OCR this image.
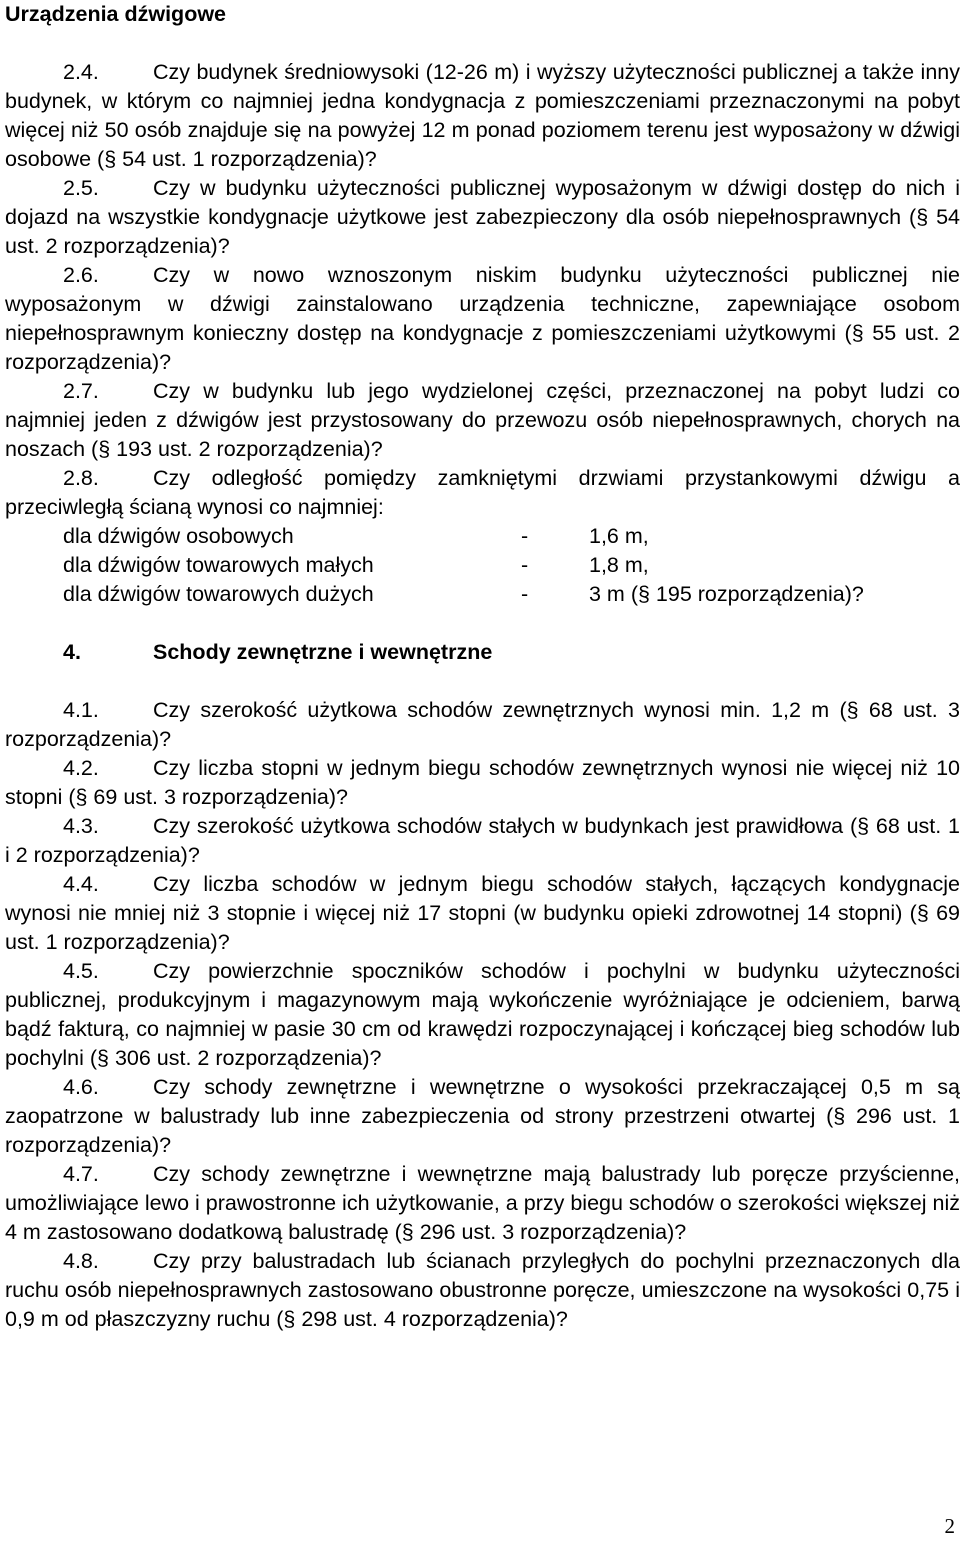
Urządzenia dźwigowe

2.4.	Czy budynek średniowysoki (12-26 m) i wyższy użyteczności publicznej a także inny budynek, w którym co najmniej jedna kondygnacja z pomieszczeniami przeznaczonymi na pobyt więcej niż 50 osób znajduje się na powyżej 12 m ponad poziomem terenu jest wyposażony w dźwigi osobowe (§ 54 ust. 1 rozporządzenia)?

2.5.	Czy w budynku użyteczności publicznej wyposażonym w dźwigi dostęp do nich i dojazd na wszystkie kondygnacje użytkowe jest zabezpieczony dla osób niepełnosprawnych (§ 54 ust. 2 rozporządzenia)?

2.6.	Czy w nowo wznoszonym niskim budynku użyteczności publicznej nie wyposażonym w dźwigi zainstalowano urządzenia techniczne, zapewniające osobom niepełnosprawnym konieczny dostęp na kondygnacje z pomieszczeniami użytkowymi (§ 55 ust. 2 rozporządzenia)?

2.7.	Czy w budynku lub jego wydzielonej części, przeznaczonej na pobyt ludzi co najmniej jeden z dźwigów jest przystosowany do przewozu osób niepełnosprawnych, chorych na noszach (§ 193 ust. 2 rozporządzenia)?

2.8.	Czy odległość pomiędzy zamkniętymi drzwiami przystankowymi dźwigu a przeciwległą ścianą wynosi co najmniej:

dla dźwigów osobowych	-	1,6 m,
dla dźwigów towarowych małych	-	1,8 m,
dla dźwigów towarowych dużych	-	3 m (§ 195 rozporządzenia)?

4.	Schody zewnętrzne i wewnętrzne

4.1.	Czy szerokość użytkowa schodów zewnętrznych wynosi min. 1,2 m (§ 68 ust. 3 rozporządzenia)?

4.2.	Czy liczba stopni w jednym biegu schodów zewnętrznych wynosi nie więcej niż 10 stopni (§ 69 ust. 3 rozporządzenia)?

4.3.	Czy szerokość użytkowa schodów stałych w budynkach jest prawidłowa (§ 68 ust. 1 i 2 rozporządzenia)?

4.4.	Czy liczba schodów w jednym biegu schodów stałych, łączących kondygnacje wynosi nie mniej niż 3 stopnie i więcej niż 17 stopni (w budynku opieki zdrowotnej 14 stopni) (§ 69 ust. 1 rozporządzenia)?

4.5.	Czy powierzchnie spoczników schodów i pochylni w budynku użyteczności publicznej, produkcyjnym i magazynowym mają wykończenie wyróżniające je odcieniem, barwą bądź fakturą, co najmniej w pasie 30 cm od krawędzi rozpoczynającej i kończącej bieg schodów lub pochylni (§ 306 ust. 2 rozporządzenia)?

4.6.	Czy schody zewnętrzne i wewnętrzne o wysokości przekraczającej 0,5 m są zaopatrzone w balustrady lub inne zabezpieczenia od strony przestrzeni otwartej (§ 296 ust. 1 rozporządzenia)?

4.7.	Czy schody zewnętrzne i wewnętrzne mają balustrady lub poręcze przyścienne, umożliwiające lewo i prawostronne ich użytkowanie, a przy biegu schodów o szerokości większej niż 4 m zastosowano dodatkową balustradę (§ 296 ust. 3 rozporządzenia)?

4.8.	Czy przy balustradach lub ścianach przyległych do pochylni przeznaczonych dla ruchu osób niepełnosprawnych zastosowano obustronne poręcze, umieszczone na wysokości 0,75 i 0,9 m od płaszczyzny ruchu (§ 298 ust. 4 rozporządzenia)?

2
